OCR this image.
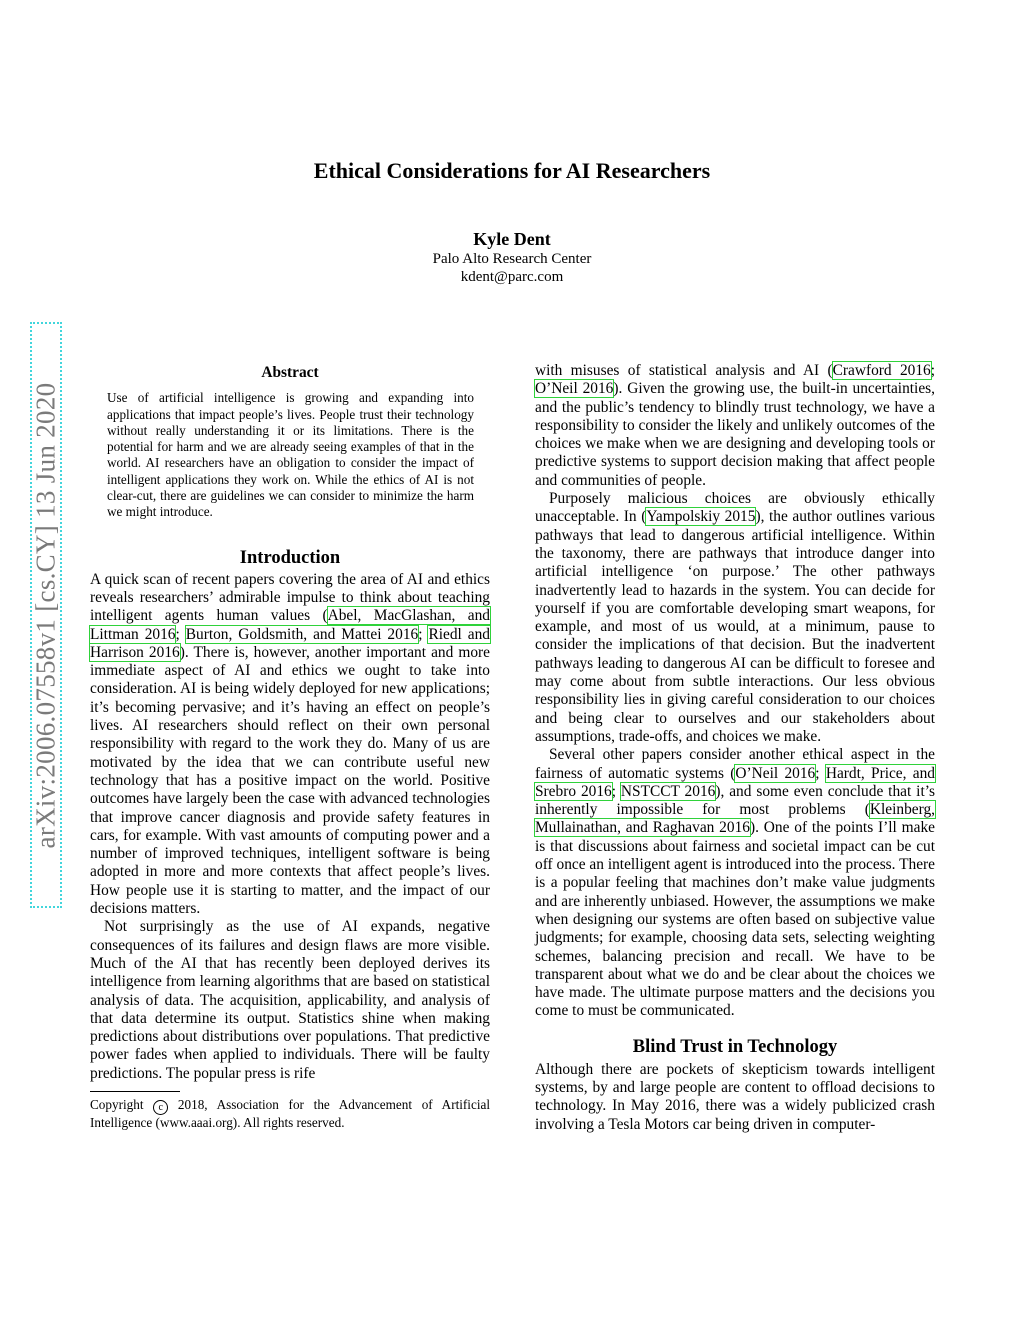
arXiv:2006.07558v1 [cs.CY] 13 Jun 2020
Ethical Considerations for AI Researchers
Kyle Dent
Palo Alto Research Center
kdent@parc.com
Abstract
Use of artificial intelligence is growing and expanding into applications that impact people’s lives. People trust their technology without really understanding it or its limitations. There is the potential for harm and we are already seeing examples of that in the world. AI researchers have an obligation to consider the impact of intelligent applications they work on. While the ethics of AI is not clear-cut, there are guidelines we can consider to minimize the harm we might introduce.
Introduction

A quick scan of recent papers covering the area of AI and ethics reveals researchers’ admirable impulse to think about teaching intelligent agents human values (Abel, MacGlashan, and Littman 2016; Burton, Goldsmith, and Mattei 2016; Riedl and Harrison 2016). There is, however, another important and more immediate aspect of AI and ethics we ought to take into consideration. AI is being widely deployed for new applications; it’s becoming pervasive; and it’s having an effect on people’s lives. AI researchers should reflect on their own personal responsibility with regard to the work they do. Many of us are motivated by the idea that we can contribute useful new technology that has a positive impact on the world. Positive outcomes have largely been the case with advanced technologies that improve cancer diagnosis and provide safety features in cars, for example. With vast amounts of computing power and a number of improved techniques, intelligent software is being adopted in more and more contexts that affect people’s lives. How people use it is starting to matter, and the impact of our decisions matters.

Not surprisingly as the use of AI expands, negative consequences of its failures and design flaws are more visible. Much of the AI that has recently been deployed derives its intelligence from learning algorithms that are based on statistical analysis of data. The acquisition, applicability, and analysis of that data determine its output. Statistics shine when making predictions about distributions over populations. That predictive power fades when applied to individuals. There will be faulty predictions. The popular press is rife

Copyright c 2018, Association for the Advancement of Artificial Intelligence (www.aaai.org). All rights reserved.

with misuses of statistical analysis and AI (Crawford 2016; O’Neil 2016). Given the growing use, the built-in uncertainties, and the public’s tendency to blindly trust technology, we have a responsibility to consider the likely and unlikely outcomes of the choices we make when we are designing and developing tools or predictive systems to support decision making that affect people and communities of people.

Purposely malicious choices are obviously ethically unacceptable. In (Yampolskiy 2015), the author outlines various pathways that lead to dangerous artificial intelligence. Within the taxonomy, there are pathways that introduce danger into artificial intelligence ‘on purpose.’ The other pathways inadvertently lead to hazards in the system. You can decide for yourself if you are comfortable developing smart weapons, for example, and most of us would, at a minimum, pause to consider the implications of that decision. But the inadvertent pathways leading to dangerous AI can be difficult to foresee and may come about from subtle interactions. Our less obvious responsibility lies in giving careful consideration to our choices and being clear to ourselves and our stakeholders about assumptions, trade-offs, and choices we make.

Several other papers consider another ethical aspect in the fairness of automatic systems (O’Neil 2016; Hardt, Price, and Srebro 2016; NSTCCT 2016), and some even conclude that it’s inherently impossible for most problems (Kleinberg, Mullainathan, and Raghavan 2016). One of the points I’ll make is that discussions about fairness and societal impact can be cut off once an intelligent agent is introduced into the process. There is a popular feeling that machines don’t make value judgments and are inherently unbiased. However, the assumptions we make when designing our systems are often based on subjective value judgments; for example, choosing data sets, selecting weighting schemes, balancing precision and recall. We have to be transparent about what we do and be clear about the choices we have made. The ultimate purpose matters and the decisions you come to must be communicated.

Blind Trust in Technology

Although there are pockets of skepticism towards intelligent systems, by and large people are content to offload decisions to technology. In May 2016, there was a widely publicized crash involving a Tesla Motors car being driven in computer-
